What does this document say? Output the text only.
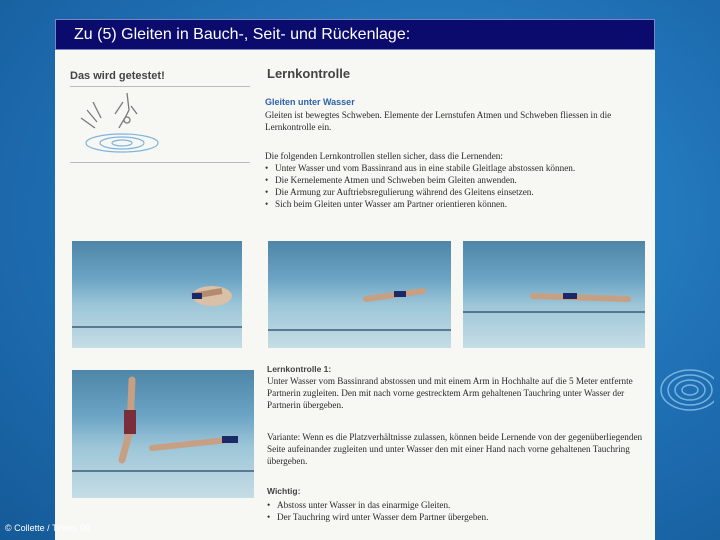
Zu (5) Gleiten in Bauch-, Seit- und Rückenlage:
Das wird getestet!	Lernkontrolle
Gleiten unter Wasser
Gleiten ist bewegtes Schweben. Elemente der Lernstufen Atmen und Schweben fliessen in die Lernkontrolle ein.
Die folgenden Lernkontrollen stellen sicher, dass die Lernenden:
• Unter Wasser und vom Bassinrand aus in eine stabile Gleitlage abstossen können.
• Die Kernelemente Atmen und Schweben beim Gleiten anwenden.
• Die Armung zur Auftriebsregulierung während des Gleitens einsetzen.
• Sich beim Gleiten unter Wasser am Partner orientieren können.
Lernkontrolle 1:
Unter Wasser vom Bassinrand abstossen und mit einem Arm in Hochhalte auf die 5 Meter entfernte Partnerin zugleiten. Den mit nach vorne gestrecktem Arm gehaltenen Tauchring unter Wasser der Partnerin übergeben.
Variante: Wenn es die Platzverhältnisse zulassen, können beide Lernende von der gegenüberliegenden Seite aufeinander zugleiten und unter Wasser den mit einer Hand nach vorne gehaltenen Tauchring übergeben.
Wichtig:
• Abstoss unter Wasser in das einarmige Gleiten.
• Der Tauchring wird unter Wasser dem Partner übergeben.
© Collette / Tewes 09
